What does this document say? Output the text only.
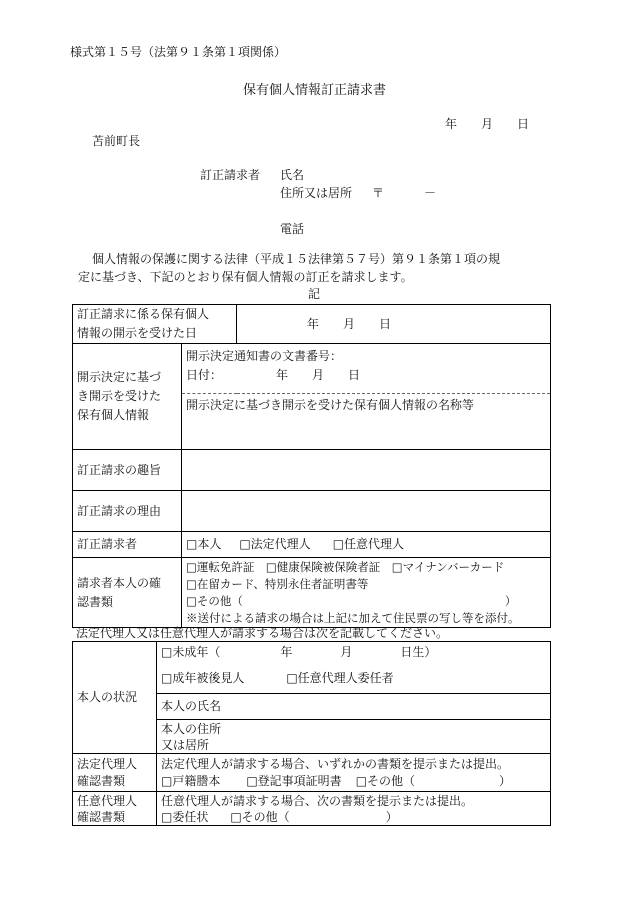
様式第１５号（法第９１条第１項関係）
保有個人情報訂正請求書
年　　月　　日
苫前町長
訂正請求者 氏名
住所又は居所 〒	－
電話
個人情報の保護に関する法律（平成１５法律第５７号）第９１条第１項の規
定に基づき、下記のとおり保有個人情報の訂正を請求します。
記
訂正請求に係る保有個人
情報の開示を受けた日		年　　月　　日

開示決定に基づ
き開示を受けた
保有個人情報	開示決定通知書の文書番号：
日付：　　　　　年　　月　　日	

	開示決定に基づき開示を受けた保有個人情報の名称等	
訂正請求の趣旨		
訂正請求の理由		
訂正請求者	□本人 □法定代理人 □任意代理人	

請求者本人の確
認書類	□運転免許証　□健康保険被保険者証　□マイナンバーカード
□在留カード、特別永住者証明書等
□その他（ ）
※送付による請求の場合は上記に加えて住民票の写し等を添付。	
法定代理人又は任意代理人が請求する場合は次を記載してください。
本人の状況	□未成年（　　　　　年　　　　月　　　　日生）
	□成年被後見人 □任意代理人委任者
	本人の氏名

	本人の住所
又は居所

法定代理人
確認書類	法定代理人が請求する場合、いずれかの書類を提示または提出。
□戸籍謄本 □登記事項証明書 □その他（ ）

任意代理人
確認書類	任意代理人が請求する場合、次の書類を提示または提出。
□委任状 □その他（ ）
